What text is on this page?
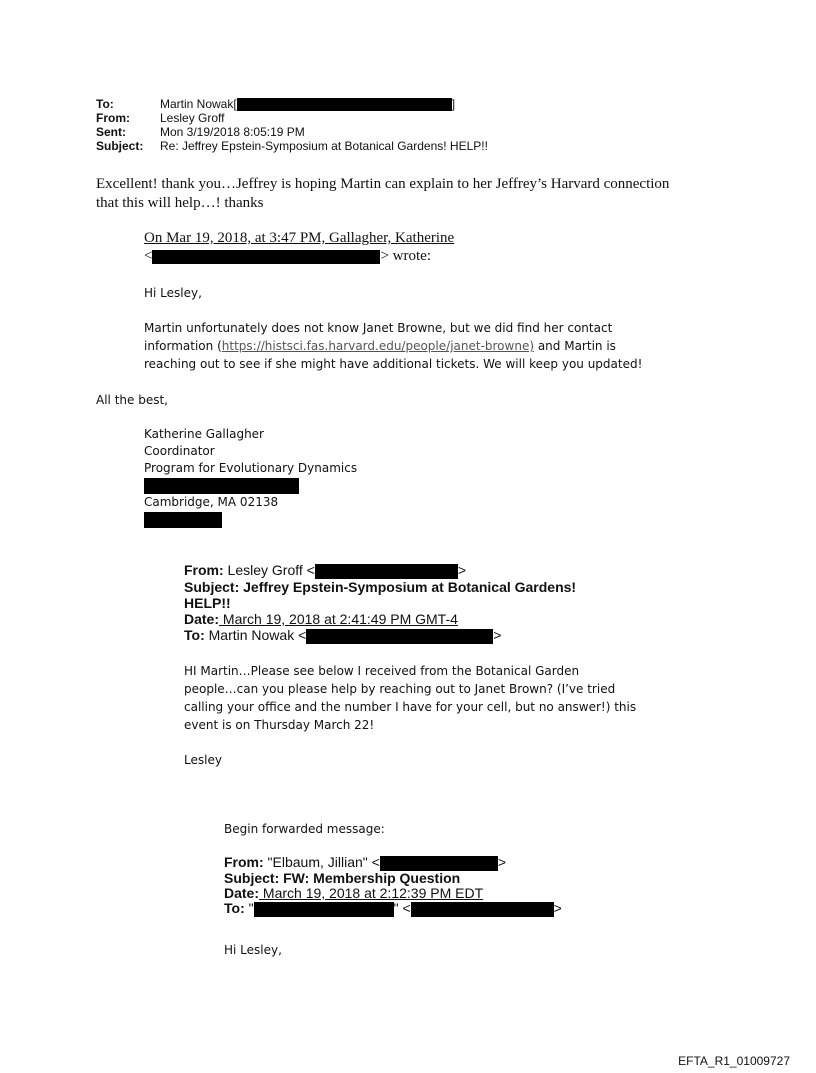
To:	Martin Nowak[	]
From:	Lesley Groff
Sent:	Mon 3/19/2018 8:05:19 PM
Subject: Re: Jeffrey Epstein-Symposium at Botanical Gardens! HELP!!
Excellent! thank you…Jeffrey is hoping Martin can explain to her Jeffrey’s Harvard connection
that this will help…! thanks
On Mar 19, 2018, at 3:47 PM, Gallagher, Katherine
<	> wrote:
Hi Lesley,
Martin unfortunately does not know Janet Browne, but we did find her contact
information (https://histsci.fas.harvard.edu/people/janet-browne) and Martin is
reaching out to see if she might have additional tickets. We will keep you updated!
All the best,
Katherine Gallagher
Coordinator
Program for Evolutionary Dynamics
Cambridge, MA 02138
From: Lesley Groff <	>
Subject: Jeffrey Epstein-Symposium at Botanical Gardens!
HELP!!
Date: March 19, 2018 at 2:41:49 PM GMT-4
To: Martin Nowak <	>
HI Martin…Please see below I received from the Botanical Garden
people…can you please help by reaching out to Janet Brown? (I’ve tried
calling your office and the number I have for your cell, but no answer!) this
event is on Thursday March 22!
Lesley
Begin forwarded message:
From: "Elbaum, Jillian" <	>
Subject: FW: Membership Question
Date: March 19, 2018 at 2:12:39 PM EDT
To: "	" <	>
Hi Lesley,
EFTA_R1_01009727
